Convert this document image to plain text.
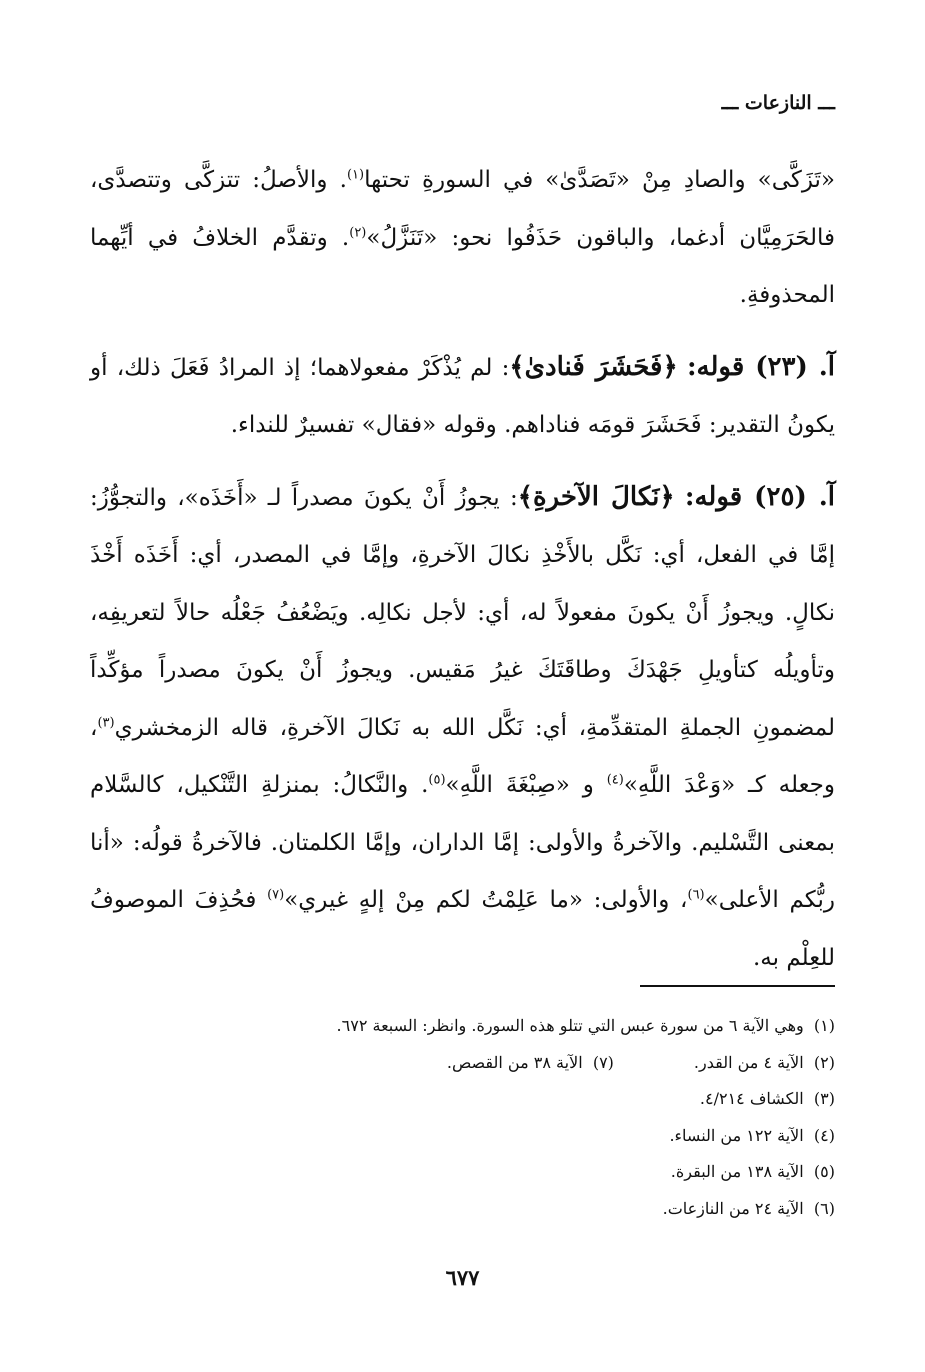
ـــ النازعات ـــ

«تَزَكَّى» والصادِ مِنْ «تَصَدَّىٰ» في السورةِ تحتها$^{(١)}$. والأصلُ: تتزكَّى وتتصدَّى، فالحَرَمِيَّان أدغما، والباقون حَذَفُوا نحو: «تَنَزَّلُ»$^{(٢)}$. وتقدَّم الخلافُ في أيِّهما المحذوفةِ.

آ. (٢٣) قوله: ﴿فَحَشَرَ فَنادىٰ﴾: لم يُذْكَرْ مفعولاهما؛ إذ المرادُ فَعَلَ ذلك، أو يكونُ التقدير: فَحَشَرَ قومَه فناداهم. وقوله «فقال» تفسيرٌ للنداء.

آ. (٢٥) قوله: ﴿نَكالَ الآخرةِ﴾: يجوزُ أَنْ يكونَ مصدراً لـ «أَخَذَه»، والتجوُّزُ: إمَّا في الفعل، أي: نَكَّل بالأَخْذِ نكالَ الآخرةِ، وإمَّا في المصدر، أي: أَخَذَه أَخْذَ نكالٍ. ويجوزُ أَنْ يكونَ مفعولاً له، أي: لأجل نكالِه. ويَضْعُفُ جَعْلُه حالاً لتعريفِه، وتأويلُه كتأويلِ جَهْدَكَ وطاقَتَكَ غيرُ مَقيس. ويجوزُ أَنْ يكونَ مصدراً مؤكِّداً لمضمونِ الجملةِ المتقدِّمةِ، أي: نَكَّل الله به نَكالَ الآخرةِ، قاله الزمخشري$^{(٣)}$، وجعله كـ «وَعْدَ اللَّهِ»$^{(٤)}$ و «صِبْغَةَ اللَّهِ»$^{(٥)}$. والنَّكالُ: بمنزلةِ التَّنْكيل، كالسَّلام بمعنى التَّسْليم. والآخرةُ والأولى: إمَّا الداران، وإمَّا الكلمتان. فالآخرةُ قولُه: «أنا ربُّكم الأعلى»$^{(٦)}$، والأولى: «ما عَلِمْتُ لكم مِنْ إلهٍ غيري»$^{(٧)}$ فحُذِفَ الموصوفُ للعِلْم به.

(١)

وهي الآية ٦ من سورة عبس التي تتلو هذه السورة. وانظر: السبعة ٦٧٢.
(٢)

الآية ٤ من القدر.
(٧)  الآية ٣٨ من القصص.
(٣)

الكشاف ٤/٢١٤.
(٤)

الآية ١٢٢ من النساء.
(٥)

الآية ١٣٨ من البقرة.
(٦)

الآية ٢٤ من النازعات.
٦٧٧
